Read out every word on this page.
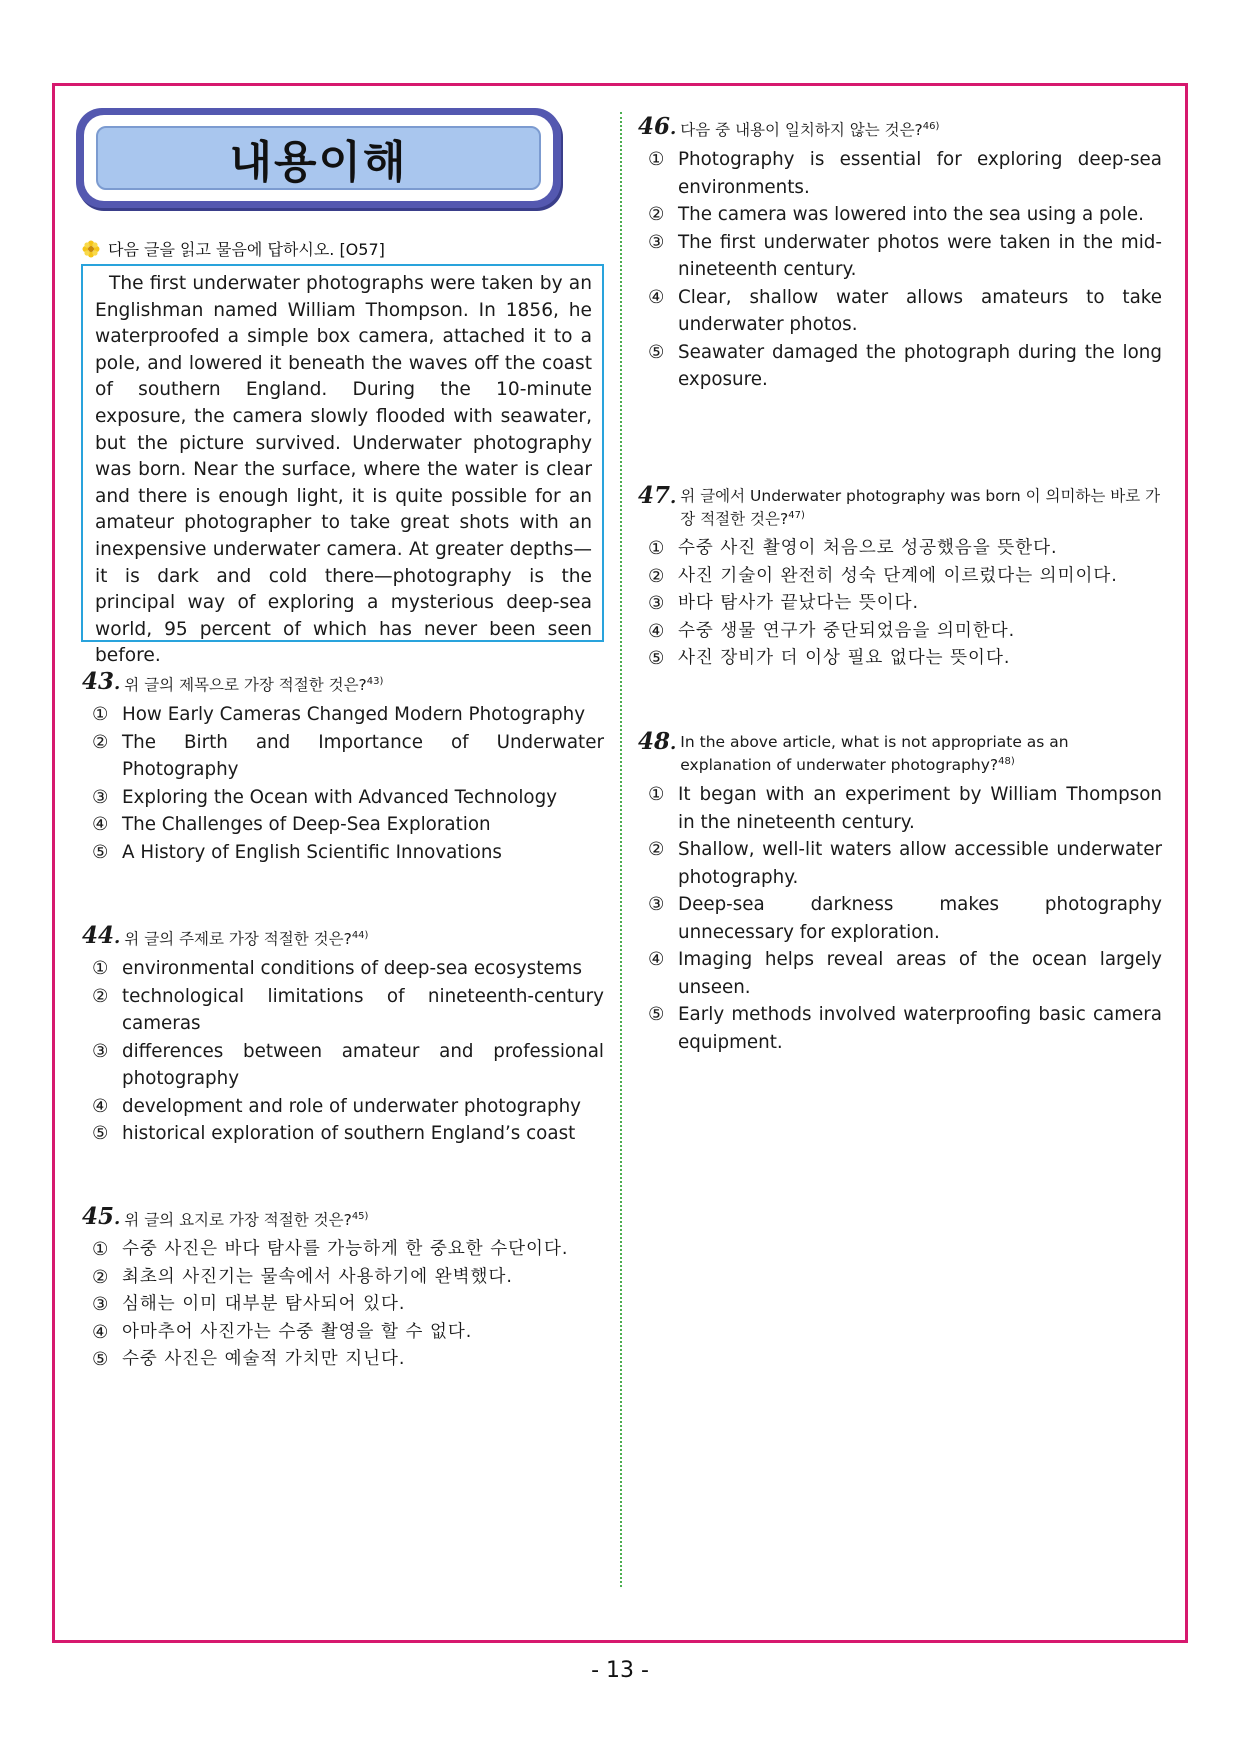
내용이해
다음 글을 읽고 물음에 답하시오. [O57]
The first underwater photographs were taken by an Englishman named William Thompson. In 1856, he waterproofed a simple box camera, attached it to a pole, and lowered it beneath the waves off the coast of southern England. During the 10-minute exposure, the camera slowly flooded with seawater, but the picture survived. Underwater photography was born. Near the surface, where the water is clear and there is enough light, it is quite possible for an amateur photographer to take great shots with an inexpensive underwater camera. At greater depths—it is dark and cold there—photography is the principal way of exploring a mysterious deep-sea world, 95 percent of which has never been seen before.
43. 위 글의 제목으로 가장 적절한 것은?$^{43)}$
① How Early Cameras Changed Modern Photography
② The Birth and Importance of Underwater Photography
③ Exploring the Ocean with Advanced Technology
④ The Challenges of Deep-Sea Exploration
⑤ A History of English Scientific Innovations
44. 위 글의 주제로 가장 적절한 것은?$^{44)}$
① environmental conditions of deep-sea ecosystems
② technological limitations of nineteenth-century cameras
③ differences between amateur and professional photography
④ development and role of underwater photography
⑤ historical exploration of southern England’s coast
45. 위 글의 요지로 가장 적절한 것은?$^{45)}$
① 수중 사진은 바다 탐사를 가능하게 한 중요한 수단이다.
② 최초의 사진기는 물속에서 사용하기에 완벽했다.
③ 심해는 이미 대부분 탐사되어 있다.
④ 아마추어 사진가는 수중 촬영을 할 수 없다.
⑤ 수중 사진은 예술적 가치만 지닌다.
46. 다음 중 내용이 일치하지 않는 것은?$^{46)}$
① Photography is essential for exploring deep-sea environments.
② The camera was lowered into the sea using a pole.
③ The first underwater photos were taken in the mid-nineteenth century.
④ Clear, shallow water allows amateurs to take underwater photos.
⑤ Seawater damaged the photograph during the long exposure.
47. 위 글에서 Underwater photography was born 이 의미하는 바로 가장 적절한 것은?$^{47)}$
① 수중 사진 촬영이 처음으로 성공했음을 뜻한다.
② 사진 기술이 완전히 성숙 단계에 이르렀다는 의미이다.
③ 바다 탐사가 끝났다는 뜻이다.
④ 수중 생물 연구가 중단되었음을 의미한다.
⑤ 사진 장비가 더 이상 필요 없다는 뜻이다.
48. In the above article, what is not appropriate as an explanation of underwater photography?$^{48)}$
① It began with an experiment by William Thompson in the nineteenth century.
② Shallow, well-lit waters allow accessible underwater photography.
③ Deep-sea darkness makes photography unnecessary for exploration.
④ Imaging helps reveal areas of the ocean largely unseen.
⑤ Early methods involved waterproofing basic camera equipment.
- 13 -
